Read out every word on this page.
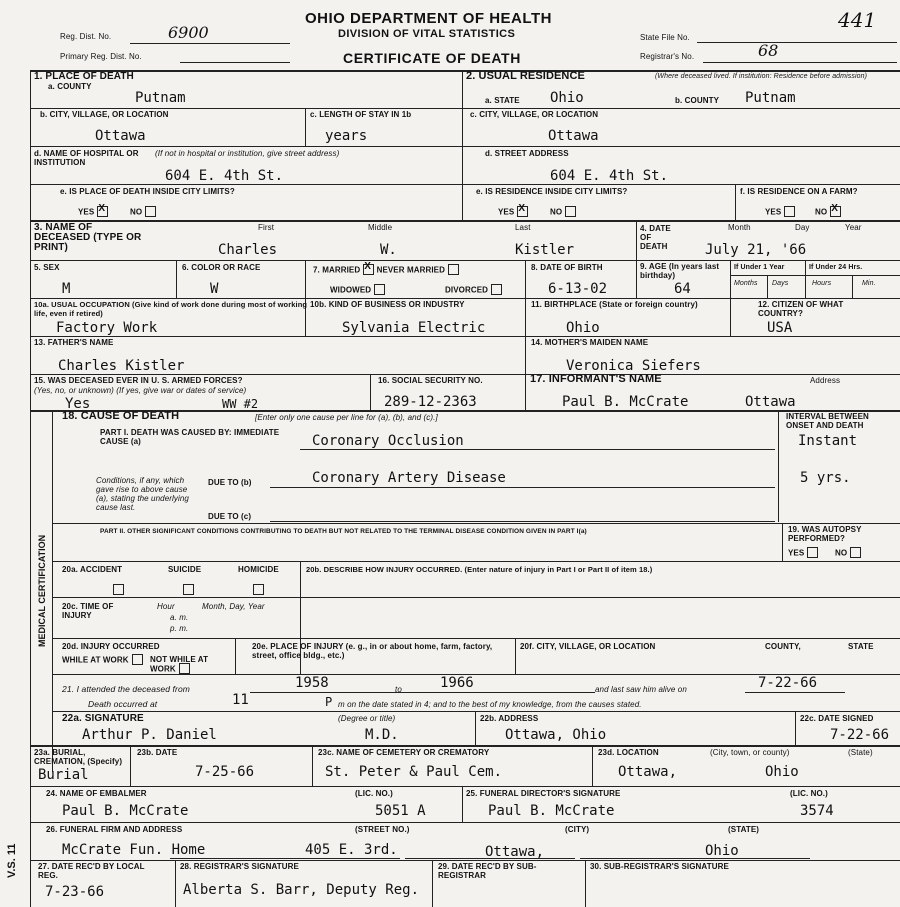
Reg. Dist. No.	6900
Primary Reg. Dist. No.
OHIO DEPARTMENT OF HEALTH
DIVISION OF VITAL STATISTICS
CERTIFICATE OF DEATH
State File No.
Registrar's No.	68
441
1. PLACE OF DEATH
a. COUNTY
Putnam
2. USUAL RESIDENCE	(Where deceased lived. If institution: Residence before admission)
a. STATE Ohio	b. COUNTY Putnam
b. CITY, VILLAGE, OR LOCATION
Ottawa
c. LENGTH OF STAY IN 1b
years
c. CITY, VILLAGE, OR LOCATION
Ottawa
d. NAME OF HOSPITAL OR INSTITUTION
(If not in hospital or institution, give street address)
604 E. 4th St.
d. STREET ADDRESS
604 E. 4th St.
e. IS PLACE OF DEATH INSIDE CITY LIMITS?
YES X	NO
e. IS RESIDENCE INSIDE CITY LIMITS?
YES X	NO
f. IS RESIDENCE ON A FARM?
YES	NOX
3. NAME OF DECEASED (TYPE OR PRINT)
First	Middle	Last
Charles	W.	Kistler
4. DATE OF DEATH
Month	Day	Year
July 21, '66
5. SEX
M
6. COLOR OR RACE
W
7. MARRIED X NEVER MARRIED
WIDOWED	DIVORCED
8. DATE OF BIRTH
6-13-02
9. AGE (In years last birthday)
64
If Under 1 Year	If Under 24 Hrs.
Months Days	Hours	Min.
10a. USUAL OCCUPATION (Give kind of work done during most of working life, even if retired)
Factory Work
10b. KIND OF BUSINESS OR INDUSTRY
Sylvania Electric
11. BIRTHPLACE (State or foreign country)
Ohio
12. CITIZEN OF WHAT COUNTRY?
USA
13. FATHER'S NAME
Charles Kistler
14. MOTHER'S MAIDEN NAME
Veronica Siefers
15. WAS DECEASED EVER IN U. S. ARMED FORCES?
(Yes, no, or unknown) (If yes, give war or dates of service)
Yes	WW #2
16. SOCIAL SECURITY NO.
289-12-2363
17. INFORMANT'S NAME	Address
Paul B. McCrate	Ottawa
MEDICAL CERTIFICATION
18. CAUSE OF DEATH	[Enter only one cause per line for (a), (b), and (c).]	INTERVAL BETWEEN ONSET AND DEATH
PART I. DEATH WAS CAUSED BY: IMMEDIATE CAUSE (a)	Coronary Occlusion	Instant
Conditions, if any, which gave rise to above cause (a), stating the underlying cause last.
DUE TO (b)	Coronary Artery Disease	5 yrs.
DUE TO (c)
PART II. OTHER SIGNIFICANT CONDITIONS CONTRIBUTING TO DEATH BUT NOT RELATED TO THE TERMINAL DISEASE CONDITION GIVEN IN PART I(a)	19. WAS AUTOPSY PERFORMED?
YES	NO
20a. ACCIDENT	SUICIDE	HOMICIDE	20b. DESCRIBE HOW INJURY OCCURRED. (Enter nature of injury in Part I or Part II of item 18.)
20c. TIME OF INJURY
Hour	Month, Day, Year
a. m.
p. m.
20d. INJURY OCCURRED
WHILE AT WORK	NOT WHILE AT WORK
20e. PLACE OF INJURY (e. g., in or about home, farm, factory, street, office bldg., etc.)
20f. CITY, VILLAGE, OR LOCATION	COUNTY,	STATE
21. I attended the deceased from	1958	to	1966	and last saw him alive on	7-22-66
Death occurred at	11	P m on the date stated in 4; and to the best of my knowledge, from the causes stated.
22a. SIGNATURE	(Degree or title)
Arthur P. Daniel	M.D.
22b. ADDRESS
Ottawa, Ohio
22c. DATE SIGNED
7-22-66
23a. BURIAL, CREMATION, (Specify)
Burial
23b. DATE
7-25-66
23c. NAME OF CEMETERY OR CREMATORY
St. Peter & Paul Cem.
23d. LOCATION	(City, town, or county)	(State)
Ottawa,	Ohio
24. NAME OF EMBALMER	(LIC. NO.)
Paul B. McCrate	5051 A
25. FUNERAL DIRECTOR'S SIGNATURE	(LIC. NO.)
Paul B. McCrate	3574
26. FUNERAL FIRM AND ADDRESS	(STREET NO.)	(CITY)	(STATE)
McCrate Fun. Home	405 E. 3rd.	Ottawa,	Ohio
27. DATE REC'D BY LOCAL REG.
7-23-66
28. REGISTRAR'S SIGNATURE
Alberta S. Barr, Deputy Reg.
29. DATE REC'D BY SUB-REGISTRAR
30. SUB-REGISTRAR'S SIGNATURE
V.S. 11
